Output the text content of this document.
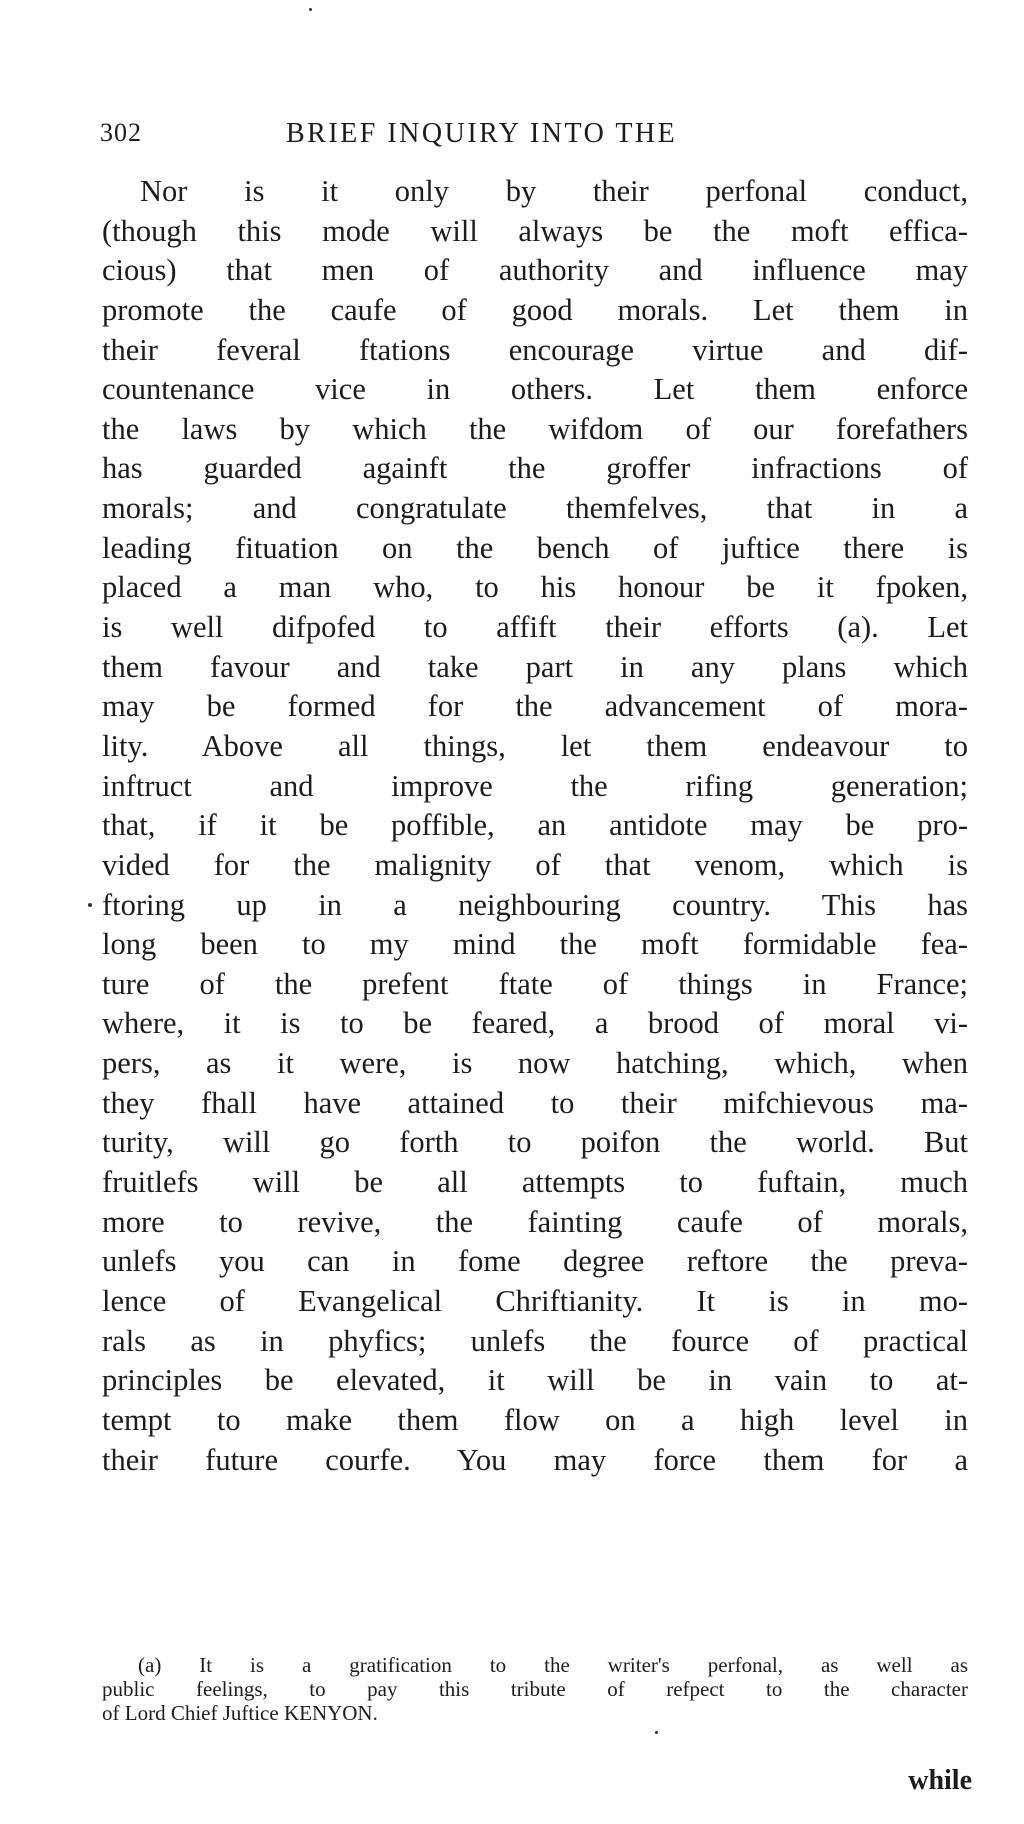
302	BRIEF INQUIRY INTO THE
Nor is it only by their perfonal conduct,
(though this mode will always be the moft effica-
cious) that men of authority and influence may
promote the caufe of good morals. Let them in
their feveral ftations encourage virtue and dif-
countenance vice in others. Let them enforce
the laws by which the wifdom of our forefathers
has guarded againft the groffer infractions of
morals; and congratulate themfelves, that in a
leading fituation on the bench of juftice there is
placed a man who, to his honour be it fpoken,
is well difpofed to affift their efforts (a). Let
them favour and take part in any plans which
may be formed for the advancement of mora-
lity. Above all things, let them endeavour to
inftruct and improve the rifing generation;
that, if it be poffible, an antidote may be pro-
vided for the malignity of that venom, which is
ftoring up in a neighbouring country. This has
long been to my mind the moft formidable fea-
ture of the prefent ftate of things in France;
where, it is to be feared, a brood of moral vi-
pers, as it were, is now hatching, which, when
they fhall have attained to their mifchievous ma-
turity, will go forth to poifon the world. But
fruitlefs will be all attempts to fuftain, much
more to revive, the fainting caufe of morals,
unlefs you can in fome degree reftore the preva-
lence of Evangelical Chriftianity. It is in mo-
rals as in phyfics; unlefs the fource of practical
principles be elevated, it will be in vain to at-
tempt to make them flow on a high level in
their future courfe. You may force them for a
(a) It is a gratification to the writer's perfonal, as well as
public feelings, to pay this tribute of refpect to the character
of Lord Chief Juftice KENYON.
while
